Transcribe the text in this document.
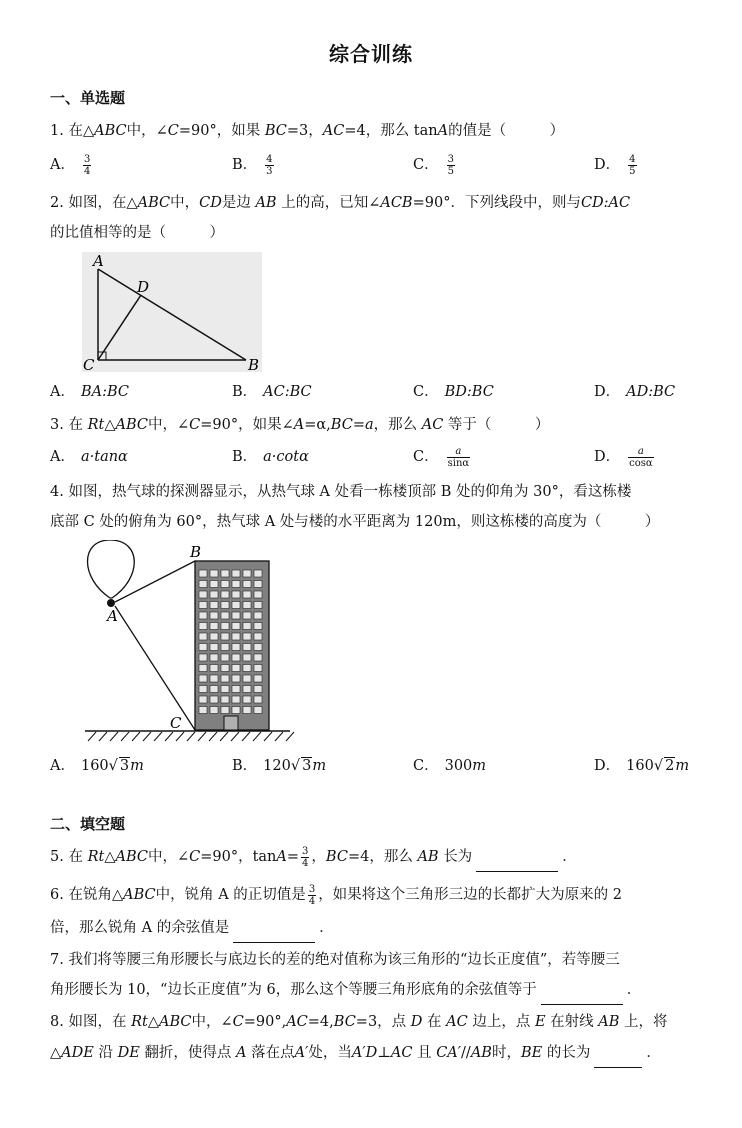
综合训练
一、单选题
1. 在△ABC中，∠C=90°，如果 BC=3，AC=4，那么 tanA的值是（　　　）
A． $\frac{3}{4}$	B． $\frac{4}{3}$	C． $\frac{3}{5}$	D． $\frac{4}{5}$
2. 如图，在△ABC中，CD是边 AB 上的高，已知∠ACB=90°．下列线段中，则与CD:AC
的比值相等的是（　　　）
A
D
C	B
A． BA:BC	B． AC:BC	C． BD:BC	D． AD:BC
3. 在 Rt△ABC中，∠C=90°，如果∠A=α,BC=a，那么 AC 等于（　　　）
A． a·tanα	B． a·cotα	C． $\frac{a}{\sin\alpha}$	D． $\frac{a}{\cos\alpha}$
4. 如图，热气球的探测器显示，从热气球 A 处看一栋楼顶部 B 处的仰角为 30°，看这栋楼
底部 C 处的俯角为 60°，热气球 A 处与楼的水平距离为 120m，则这栋楼的高度为（　　　）
A
B
C
A． 160√ 3m	B． 120√ 3m	C． 300m	D． 160√ 2m
二、填空题
5. 在 Rt△ABC中，∠C=90°，$\tan A= \frac{3}{4}$ ，BC=4，那么 AB 长为	．
6. 在锐角△ABC中，锐角 A 的正切值是 $\frac{3}{4}$ ，如果将这个三角形三边的长都扩大为原来的 2
倍，那么锐角 A 的余弦值是	．
7. 我们将等腰三角形腰长与底边长的差的绝对值称为该三角形的“边长正度值”，若等腰三
角形腰长为 10，“边长正度值”为 6，那么这个等腰三角形底角的余弦值等于	．
8. 如图，在 Rt△ABC中，∠C=90°,AC=4,BC=3，点 D 在 AC 边上，点 E 在射线 AB 上，将
△ADE 沿 DE 翻折，使得点 A 落在点A′处，当A′D⊥AC 且 CA′//AB时，BE 的长为	．
